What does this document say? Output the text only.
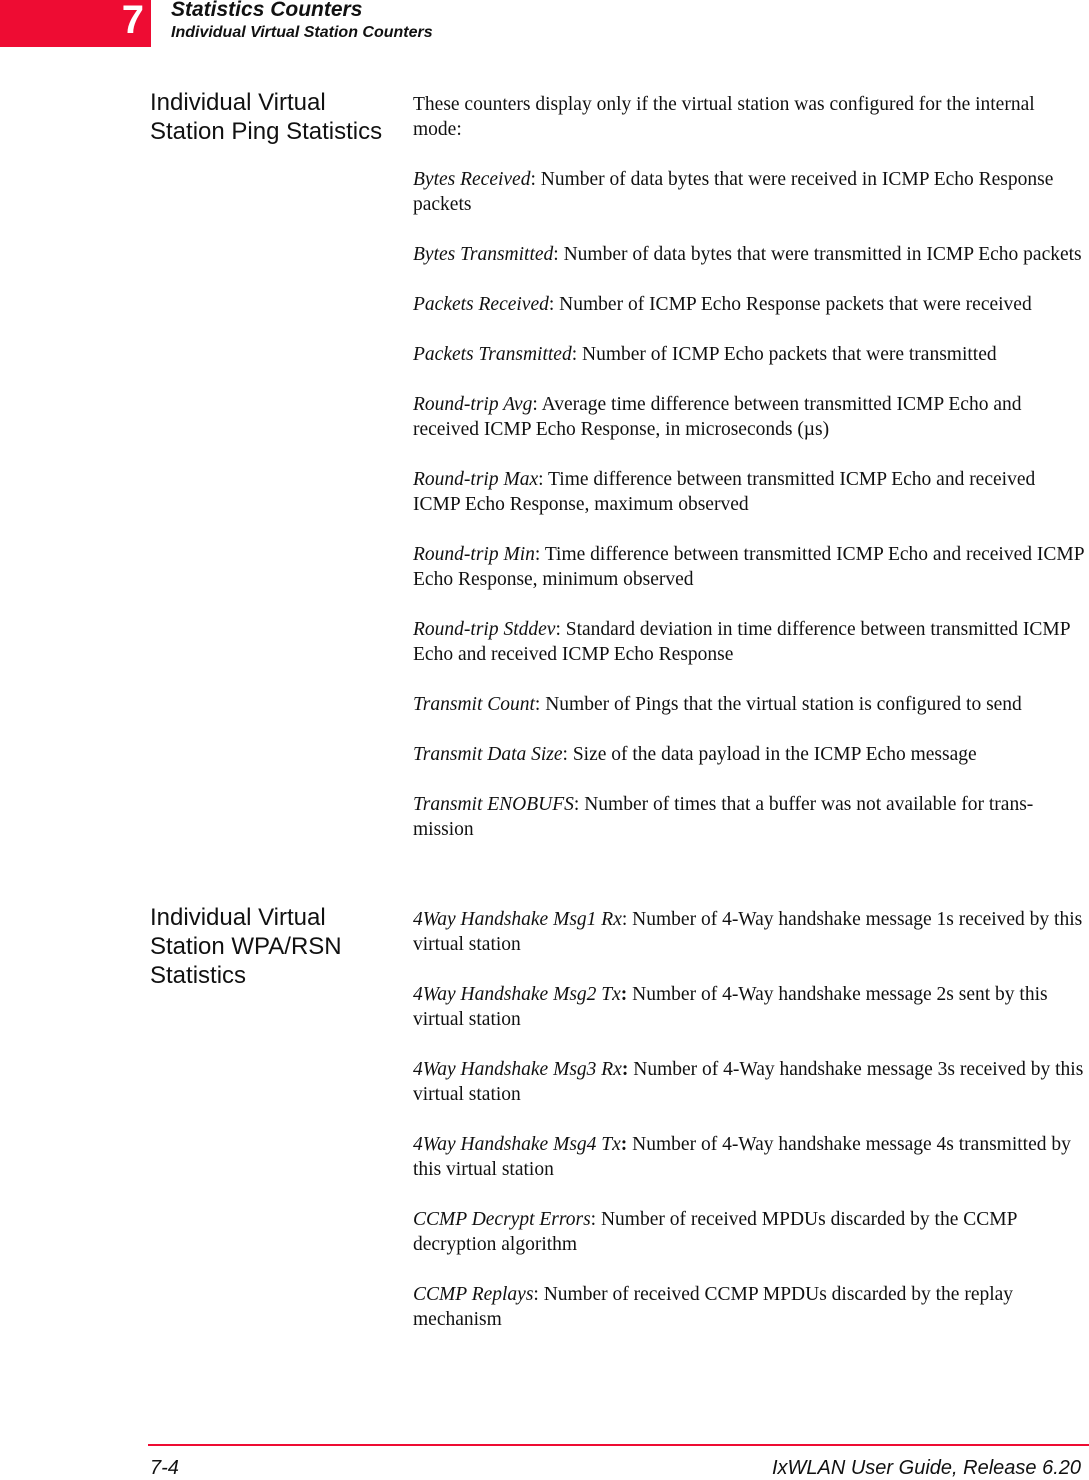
7 Statistics Counters
Individual Virtual Station Counters
Individual Virtual Station Ping Statistics

These counters display only if the virtual station was configured for the internal mode:

Bytes Received: Number of data bytes that were received in ICMP Echo Response packets

Bytes Transmitted: Number of data bytes that were transmitted in ICMP Echo packets

Packets Received: Number of ICMP Echo Response packets that were received

Packets Transmitted: Number of ICMP Echo packets that were transmitted

Round-trip Avg: Average time difference between transmitted ICMP Echo and received ICMP Echo Response, in microseconds (µs)

Round-trip Max: Time difference between transmitted ICMP Echo and received ICMP Echo Response, maximum observed

Round-trip Min: Time difference between transmitted ICMP Echo and received ICMP Echo Response, minimum observed

Round-trip Stddev: Standard deviation in time difference between transmitted ICMP Echo and received ICMP Echo Response

Transmit Count: Number of Pings that the virtual station is configured to send

Transmit Data Size: Size of the data payload in the ICMP Echo message

Transmit ENOBUFS: Number of times that a buffer was not available for trans-mission

Individual Virtual Station WPA/RSN Statistics

4Way Handshake Msg1 Rx: Number of 4-Way handshake message 1s received by this virtual station

4Way Handshake Msg2 Tx: Number of 4-Way handshake message 2s sent by this virtual station

4Way Handshake Msg3 Rx: Number of 4-Way handshake message 3s received by this virtual station

4Way Handshake Msg4 Tx: Number of 4-Way handshake message 4s transmitted by this virtual station

CCMP Decrypt Errors: Number of received MPDUs discarded by the CCMP decryption algorithm

CCMP Replays: Number of received CCMP MPDUs discarded by the replay mechanism

7-4	IxWLAN User Guide, Release 6.20
